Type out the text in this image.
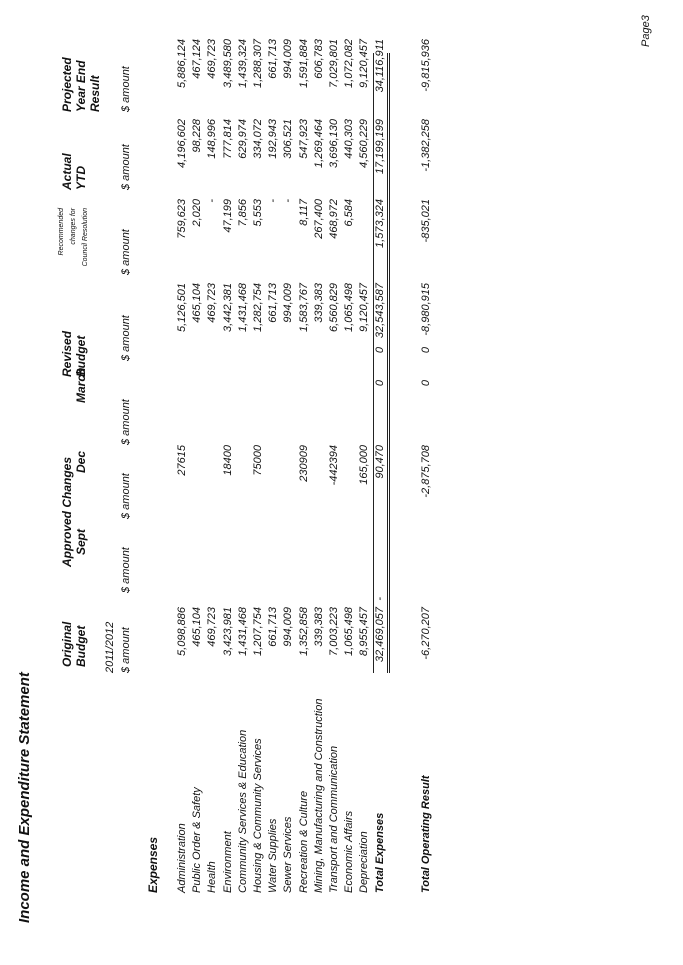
Income and Expenditure Statement
Original Budget 2011/2012
Approved Changes Sept
Dec
March
Revised Budget
Recommended changes for Council Resolution
Actual YTD
Projected Year End Result
$ amount
$ amount
$ amount
$ amount
$ amount
$ amount
$ amount
$ amount
Expenses Administration
5,098,886
27615
5,126,501
759,623
4,196,602
5,886,124
Public Order & Safety
465,104
465,104
2,020
98,228
467,124
Health
469,723
469,723
-
148,996
469,723
Environment
3,423,981
18400
3,442,381
47,199
777,814
3,489,580
Community Services & Education
1,431,468
1,431,468
7,856
629,974
1,439,324
Housing & Community Services
1,207,754
75000
1,282,754
5,553
334,072
1,288,307
Water Supplies
661,713
661,713
-
192,943
661,713
Sewer Services
994,009
994,009
-
306,521
994,009
Recreation & Culture
1,352,858
230909
1,583,767
8,117
547,923
1,591,884
Mining, Manufacturing and Construction
339,383
339,383
267,400
1,269,464
606,783
Transport and Communication
7,003,223
-442394
6,560,829
468,972
3,696,130
7,029,801
Economic Affairs
1,065,498
1,065,498
6,584
440,303
1,072,082
Depreciation
8,955,457
165,000
9,120,457
4,560,229
9,120,457
Total Expenses
32,469,057
-
90,470
0
0
32,543,587
1,573,324
17,199,199
34,116,911
Total Operating Result
-6,270,207
-2,875,708
0
0
-8,980,915
-835,021
-1,382,258
-9,815,936
Page3
